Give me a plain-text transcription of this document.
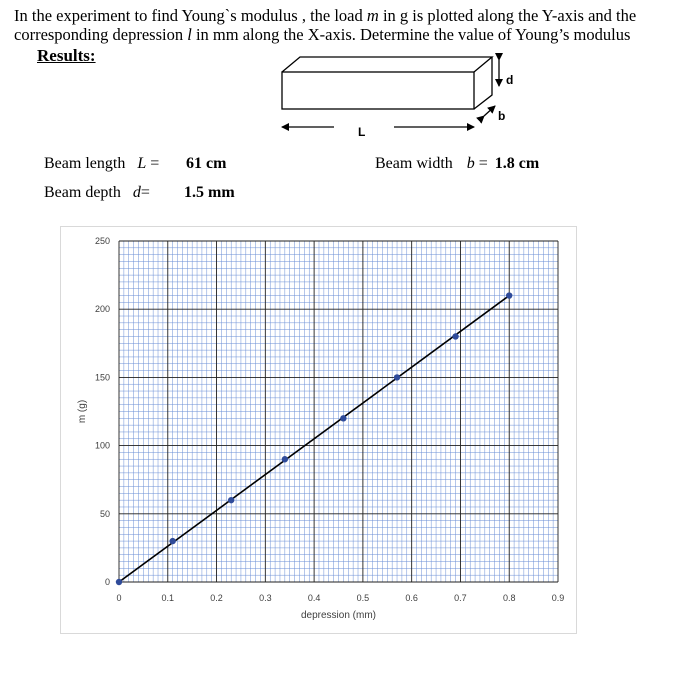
In the experiment to find Young`s modulus , the load m in g is plotted along the Y-axis and the
corresponding depression l in mm along the X-axis. Determine the value of Young’s modulus
Results:
d
b
L
Beam length L = 61 cm
Beam depth d= 1.5 mm
Beam width b = 1.8 cm
0	0.1	0.2	0.3	0.4	0.5	0.6	0.7	0.8	0.9
0
50
100
150
200
250
depression (mm)
m (g)
